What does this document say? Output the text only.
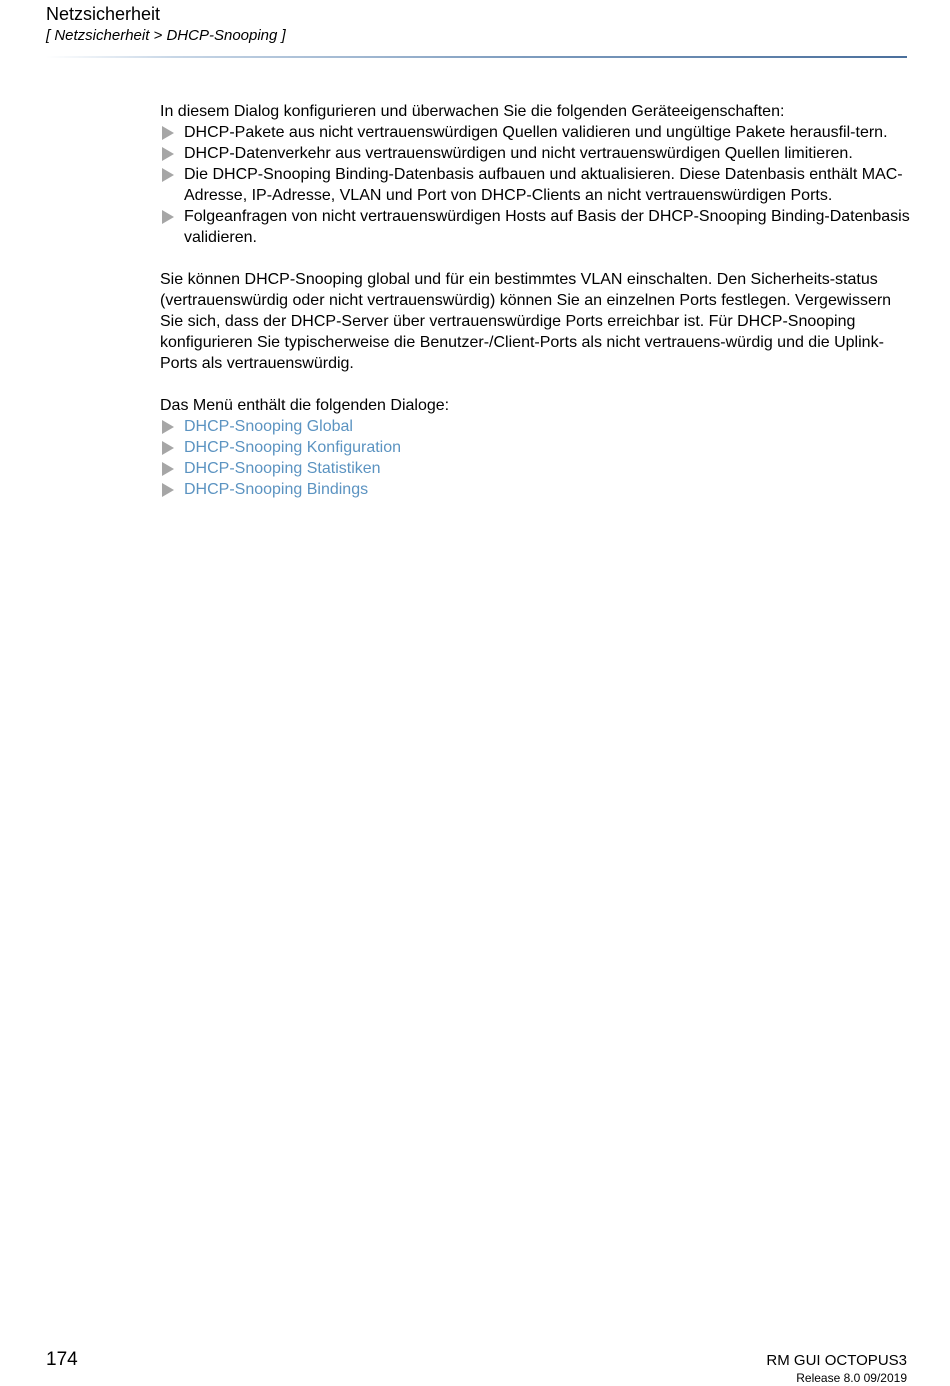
Netzsicherheit
[ Netzsicherheit > DHCP-Snooping ]

In diesem Dialog konfigurieren und überwachen Sie die folgenden Geräteeigenschaften:

DHCP-Pakete aus nicht vertrauenswürdigen Quellen validieren und ungültige Pakete herausfil-tern.
DHCP-Datenverkehr aus vertrauenswürdigen und nicht vertrauenswürdigen Quellen limitieren.
Die DHCP-Snooping Binding-Datenbasis aufbauen und aktualisieren. Diese Datenbasis enthält MAC-Adresse, IP-Adresse, VLAN und Port von DHCP-Clients an nicht vertrauenswürdigen Ports.
Folgeanfragen von nicht vertrauenswürdigen Hosts auf Basis der DHCP-Snooping Binding-Datenbasis validieren.

Sie können DHCP-Snooping global und für ein bestimmtes VLAN einschalten. Den Sicherheits-status (vertrauenswürdig oder nicht vertrauenswürdig) können Sie an einzelnen Ports festlegen. Vergewissern Sie sich, dass der DHCP-Server über vertrauenswürdige Ports erreichbar ist. Für DHCP-Snooping konfigurieren Sie typischerweise die Benutzer-/Client-Ports als nicht vertrauens-würdig und die Uplink-Ports als vertrauenswürdig.

Das Menü enthält die folgenden Dialoge:

DHCP-Snooping Global
DHCP-Snooping Konfiguration
DHCP-Snooping Statistiken
DHCP-Snooping Bindings
174	RM GUI OCTOPUS3
Release 8.0 09/2019
